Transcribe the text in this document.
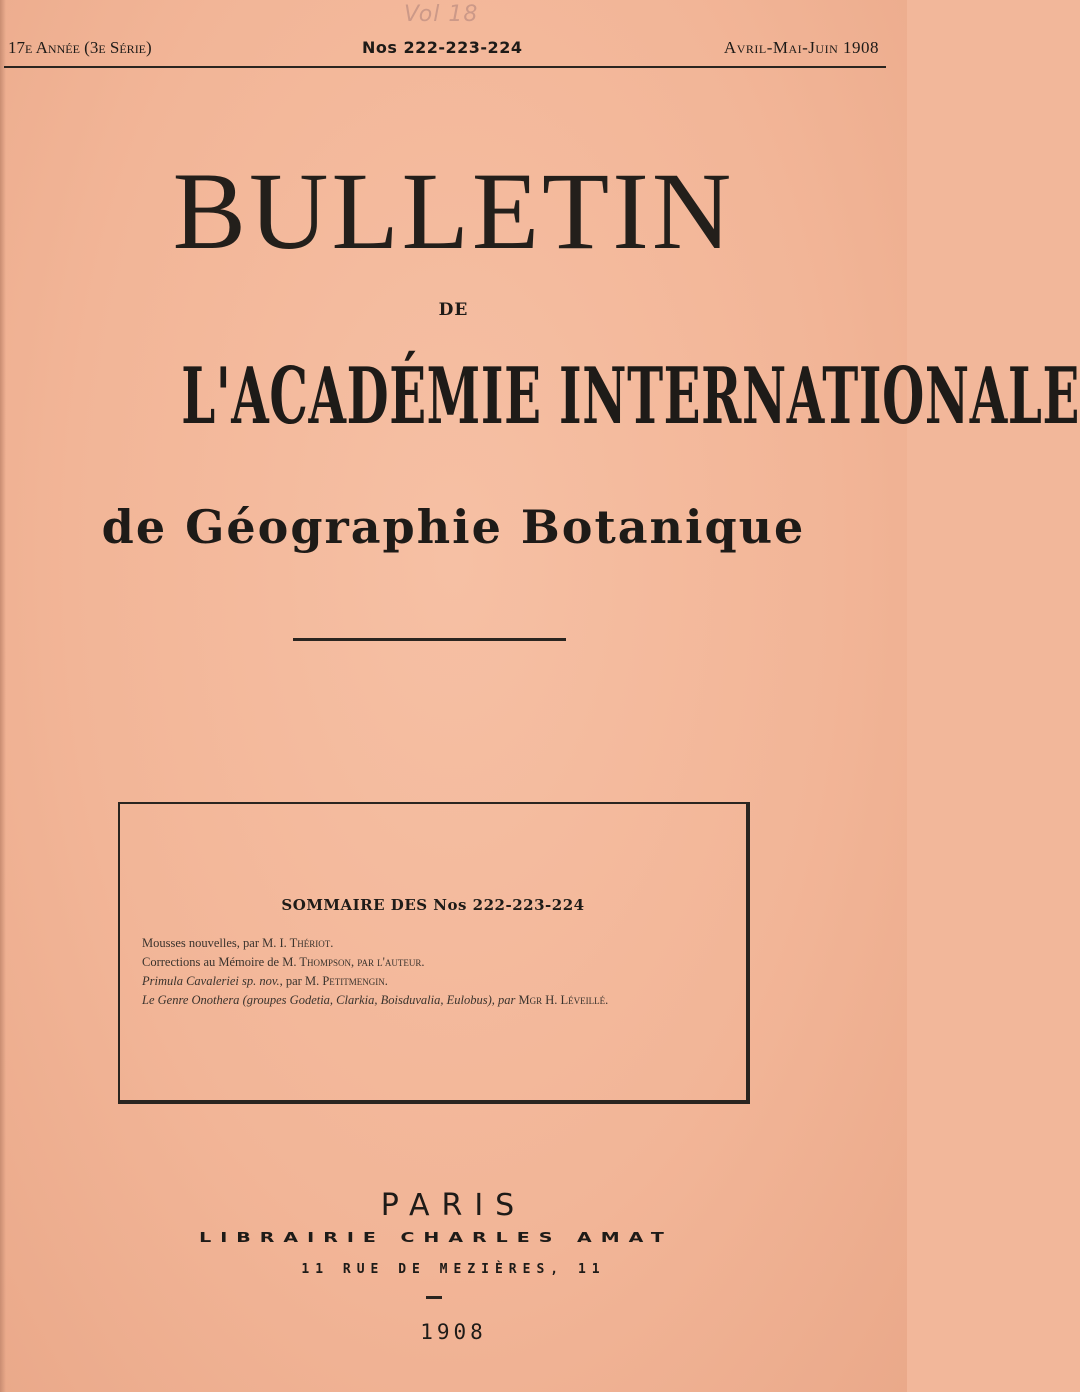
Vol 18
17e Année (3e Série)	Nos 222-223-224	Avril-Mai-Juin 1908
BULLETIN
DE
L'ACADÉMIE INTERNATIONALE
de Géographie Botanique
SOMMAIRE DES Nos 222-223-224
Mousses nouvelles, par M. I. Thériot.
Corrections au Mémoire de M. Thompson, par l'auteur.
Primula Cavaleriei sp. nov., par M. Petitmengin.
Le Genre Onothera (groupes Godetia, Clarkia, Boisduvalia, Eulobus), par Mgr H. Léveillé.
PARIS
LIBRAIRIE CHARLES AMAT
11 RUE DE MEZIÈRES, 11
1908
